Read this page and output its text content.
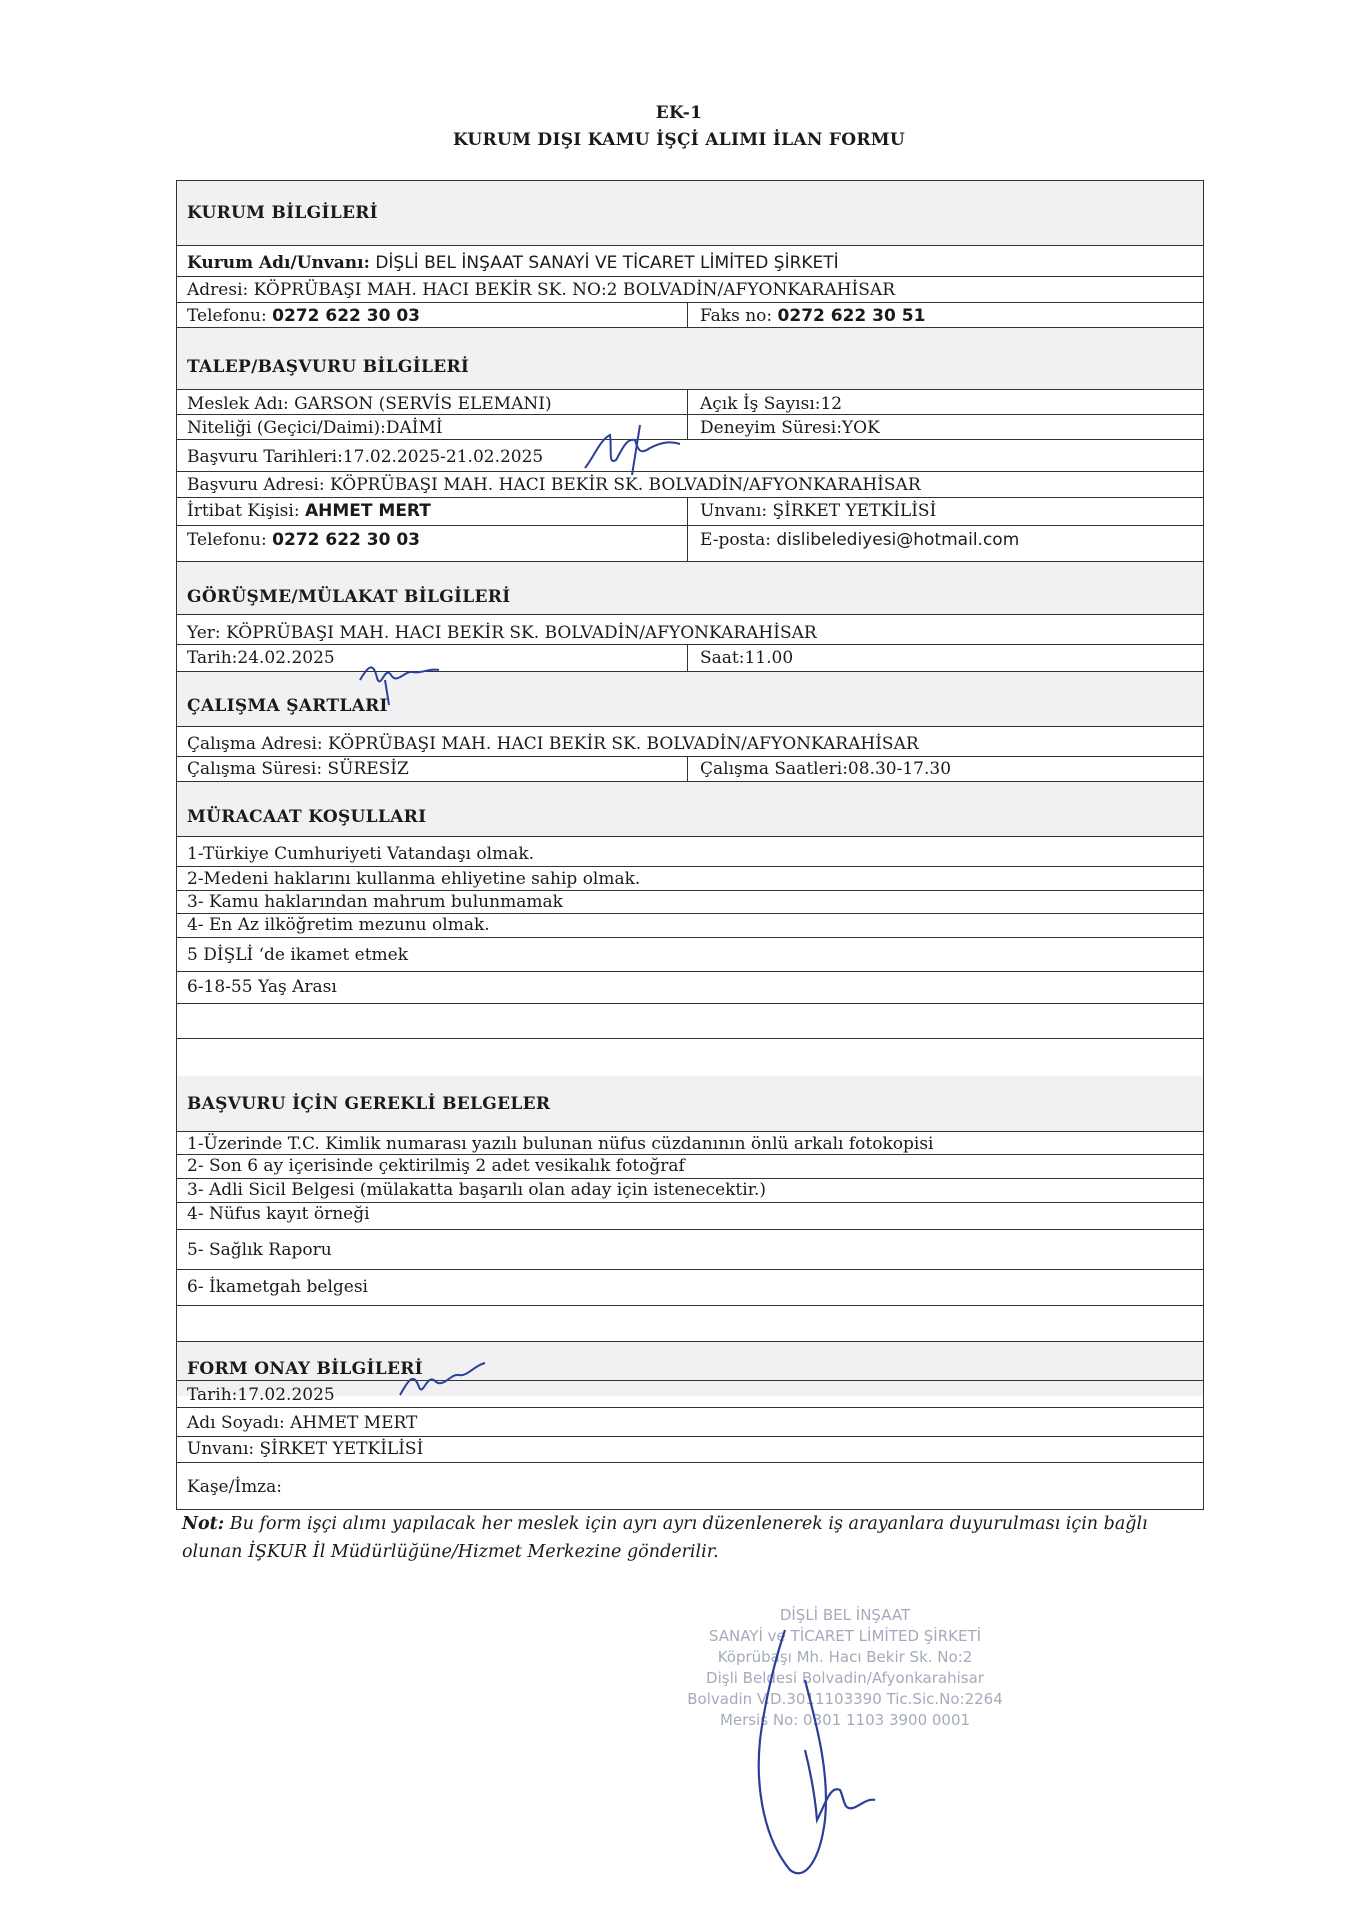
EK-1
KURUM DIŞI KAMU İŞÇİ ALIMI İLAN FORMU
KURUM BİLGİLERİ
Kurum Adı/Unvanı: DİŞLİ BEL İNŞAAT SANAYİ VE TİCARET LİMİTED ŞİRKETİ
Adresi: KÖPRÜBAŞI MAH. HACI BEKİR SK. NO:2 BOLVADİN/AFYONKARAHİSAR
Telefonu: 0272 622 30 03	Faks no: 0272 622 30 51
TALEP/BAŞVURU BİLGİLERİ
Meslek Adı: GARSON (SERVİS ELEMANI)	Açık İş Sayısı:12
Niteliği (Geçici/Daimi):DAİMİ	Deneyim Süresi:YOK
Başvuru Tarihleri:17.02.2025-21.02.2025
Başvuru Adresi: KÖPRÜBAŞI MAH. HACI BEKİR SK. BOLVADİN/AFYONKARAHİSAR
İrtibat Kişisi: AHMET MERT	Unvanı: ŞİRKET YETKİLİSİ
Telefonu: 0272 622 30 03	E-posta: dislibelediyesi@hotmail.com
GÖRÜŞME/MÜLAKAT BİLGİLERİ
Yer: KÖPRÜBAŞI MAH. HACI BEKİR SK. BOLVADİN/AFYONKARAHİSAR
Tarih:24.02.2025	Saat:11.00
ÇALIŞMA ŞARTLARI
Çalışma Adresi: KÖPRÜBAŞI MAH. HACI BEKİR SK. BOLVADİN/AFYONKARAHİSAR
Çalışma Süresi: SÜRESİZ	Çalışma Saatleri:08.30-17.30
MÜRACAAT KOŞULLARI
1-Türkiye Cumhuriyeti Vatandaşı olmak.
2-Medeni haklarını kullanma ehliyetine sahip olmak.
3- Kamu haklarından mahrum bulunmamak
4- En Az ilköğretim mezunu olmak.
5 DİŞLİ ‘de ikamet etmek
6-18-55 Yaş Arası
BAŞVURU İÇİN GEREKLİ BELGELER
1-Üzerinde T.C. Kimlik numarası yazılı bulunan nüfus cüzdanının önlü arkalı fotokopisi
2- Son 6 ay içerisinde çektirilmiş 2 adet vesikalık fotoğraf
3- Adli Sicil Belgesi (mülakatta başarılı olan aday için istenecektir.)
4- Nüfus kayıt örneği
5- Sağlık Raporu
6- İkametgah belgesi
FORM ONAY BİLGİLERİ
Tarih:17.02.2025
Adı Soyadı: AHMET MERT
Unvanı: ŞİRKET YETKİLİSİ
Kaşe/İmza:
Not: Bu form işçi alımı yapılacak her meslek için ayrı ayrı düzenlenerek iş arayanlara duyurulması için bağlı olunan İŞKUR İl Müdürlüğüne/Hizmet Merkezine gönderilir.
DİŞLİ BEL İNŞAAT
SANAYİ ve TİCARET LİMİTED ŞİRKETİ
Köprübaşı Mh. Hacı Bekir Sk. No:2
Dişli Beldesi Bolvadin/Afyonkarahisar
Bolvadin V.D.3011103390 Tic.Sic.No:2264
Mersis No: 0301 1103 3900 0001
